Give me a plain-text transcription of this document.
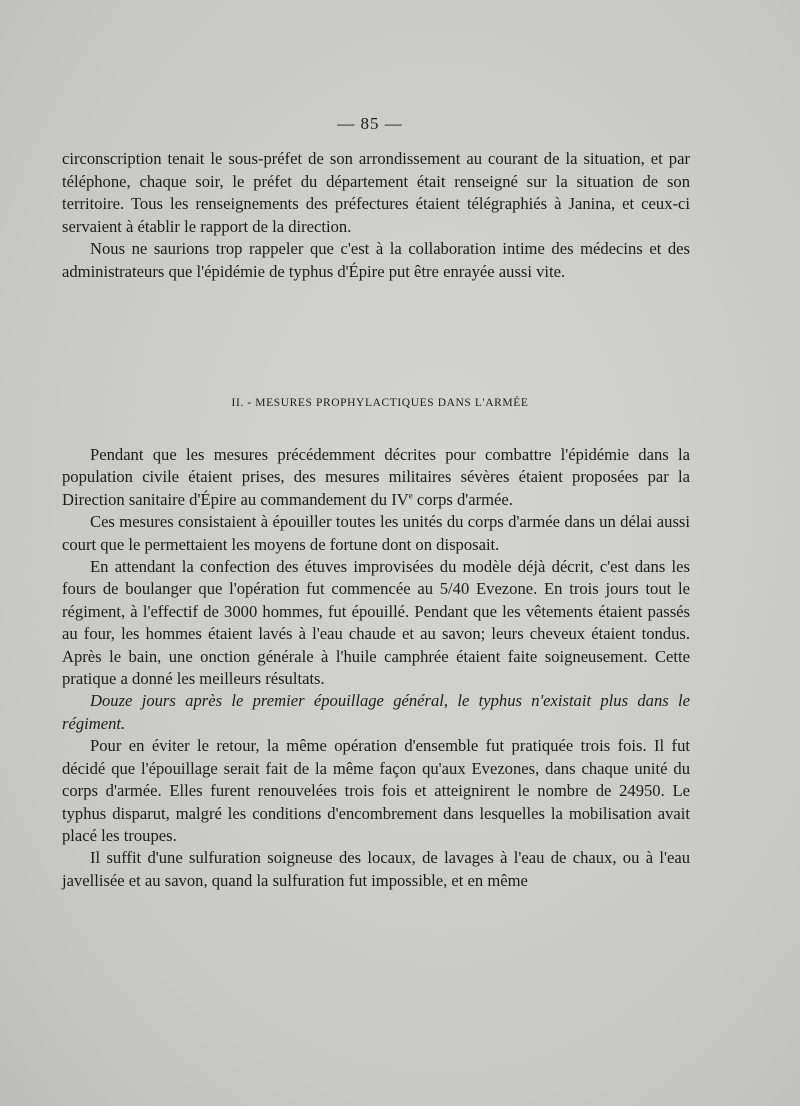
— 85 —

circonscription tenait le sous-préfet de son arrondissement au courant de la situation, et par téléphone, chaque soir, le préfet du département était renseigné sur la situation de son territoire. Tous les renseignements des préfectures étaient télégraphiés à Janina, et ceux-ci servaient à établir le rapport de la direction.

Nous ne saurions trop rappeler que c'est à la collaboration intime des médecins et des administrateurs que l'épidémie de typhus d'Épire put être enrayée aussi vite.

II. - MESURES PROPHYLACTIQUES DANS L'ARMÉE

Pendant que les mesures précédemment décrites pour combattre l'épidémie dans la population civile étaient prises, des mesures militaires sévères étaient proposées par la Direction sanitaire d'Épire au commandement du IVe corps d'armée.

Ces mesures consistaient à épouiller toutes les unités du corps d'armée dans un délai aussi court que le permettaient les moyens de fortune dont on disposait.

En attendant la confection des étuves improvisées du modèle déjà décrit, c'est dans les fours de boulanger que l'opération fut commencée au 5/40 Evezone. En trois jours tout le régiment, à l'effectif de 3000 hommes, fut épouillé. Pendant que les vêtements étaient passés au four, les hommes étaient lavés à l'eau chaude et au savon; leurs cheveux étaient tondus. Après le bain, une onction générale à l'huile camphrée étaient faite soigneusement. Cette pratique a donné les meilleurs résultats.

Douze jours après le premier épouillage général, le typhus n'existait plus dans le régiment.

Pour en éviter le retour, la même opération d'ensemble fut pratiquée trois fois. Il fut décidé que l'épouillage serait fait de la même façon qu'aux Evezones, dans chaque unité du corps d'armée. Elles furent renouvelées trois fois et atteignirent le nombre de 24950. Le typhus disparut, malgré les conditions d'encombrement dans lesquelles la mobilisation avait placé les troupes.

Il suffit d'une sulfuration soigneuse des locaux, de lavages à l'eau de chaux, ou à l'eau javellisée et au savon, quand la sulfuration fut impossible, et en même
